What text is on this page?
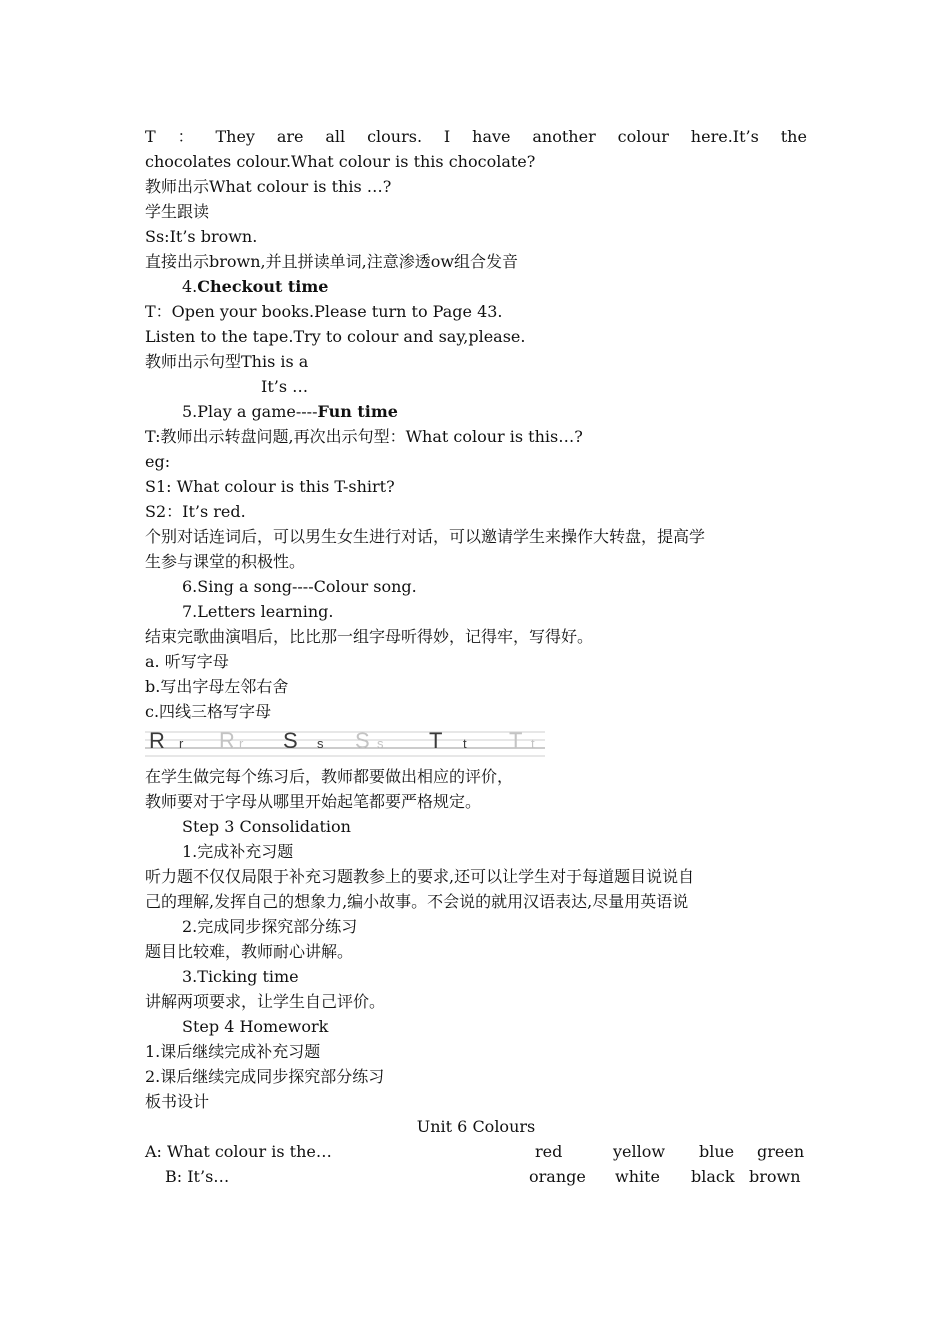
T ： They are all clours. I have another colour here.It’s the
chocolates colour.What colour is this chocolate?
教师出示What colour is this …?
学生跟读
Ss:It’s brown.
直接出示brown,并且拼读单词,注意渗透ow组合发音
4.Checkout time
T：Open your books.Please turn to Page 43.
Listen to the tape.Try to colour and say,please.
教师出示句型This is a
It’s …
5.Play a game----Fun time
T:教师出示转盘问题,再次出示句型：What colour is this…?
eg:
S1: What colour is this T-shirt?
S2：It’s red.
个别对话连词后，可以男生女生进行对话，可以邀请学生来操作大转盘，提高学
生参与课堂的积极性。
6.Sing a song----Colour song.
7.Letters learning.
结束完歌曲演唱后，比比那一组字母听得妙，记得牢，写得好。
a. 听写字母
b.写出字母左邻右舍
c.四线三格写字母
R r R r S s S s T t T t
在学生做完每个练习后，教师都要做出相应的评价，
教师要对于字母从哪里开始起笔都要严格规定。
Step 3 Consolidation
1.完成补充习题
听力题不仅仅局限于补充习题教参上的要求,还可以让学生对于每道题目说说自
己的理解,发挥自己的想象力,编小故事。不会说的就用汉语表达,尽量用英语说
2.完成同步探究部分练习
题目比较难，教师耐心讲解。
3.Ticking time
讲解两项要求，让学生自己评价。
Step 4 Homework
1.课后继续完成补充习题
2.课后继续完成同步探究部分练习
板书设计
Unit 6 Colours
A: What colour is the…	red	yellow blue green
B: It’s…	orange white black brown
